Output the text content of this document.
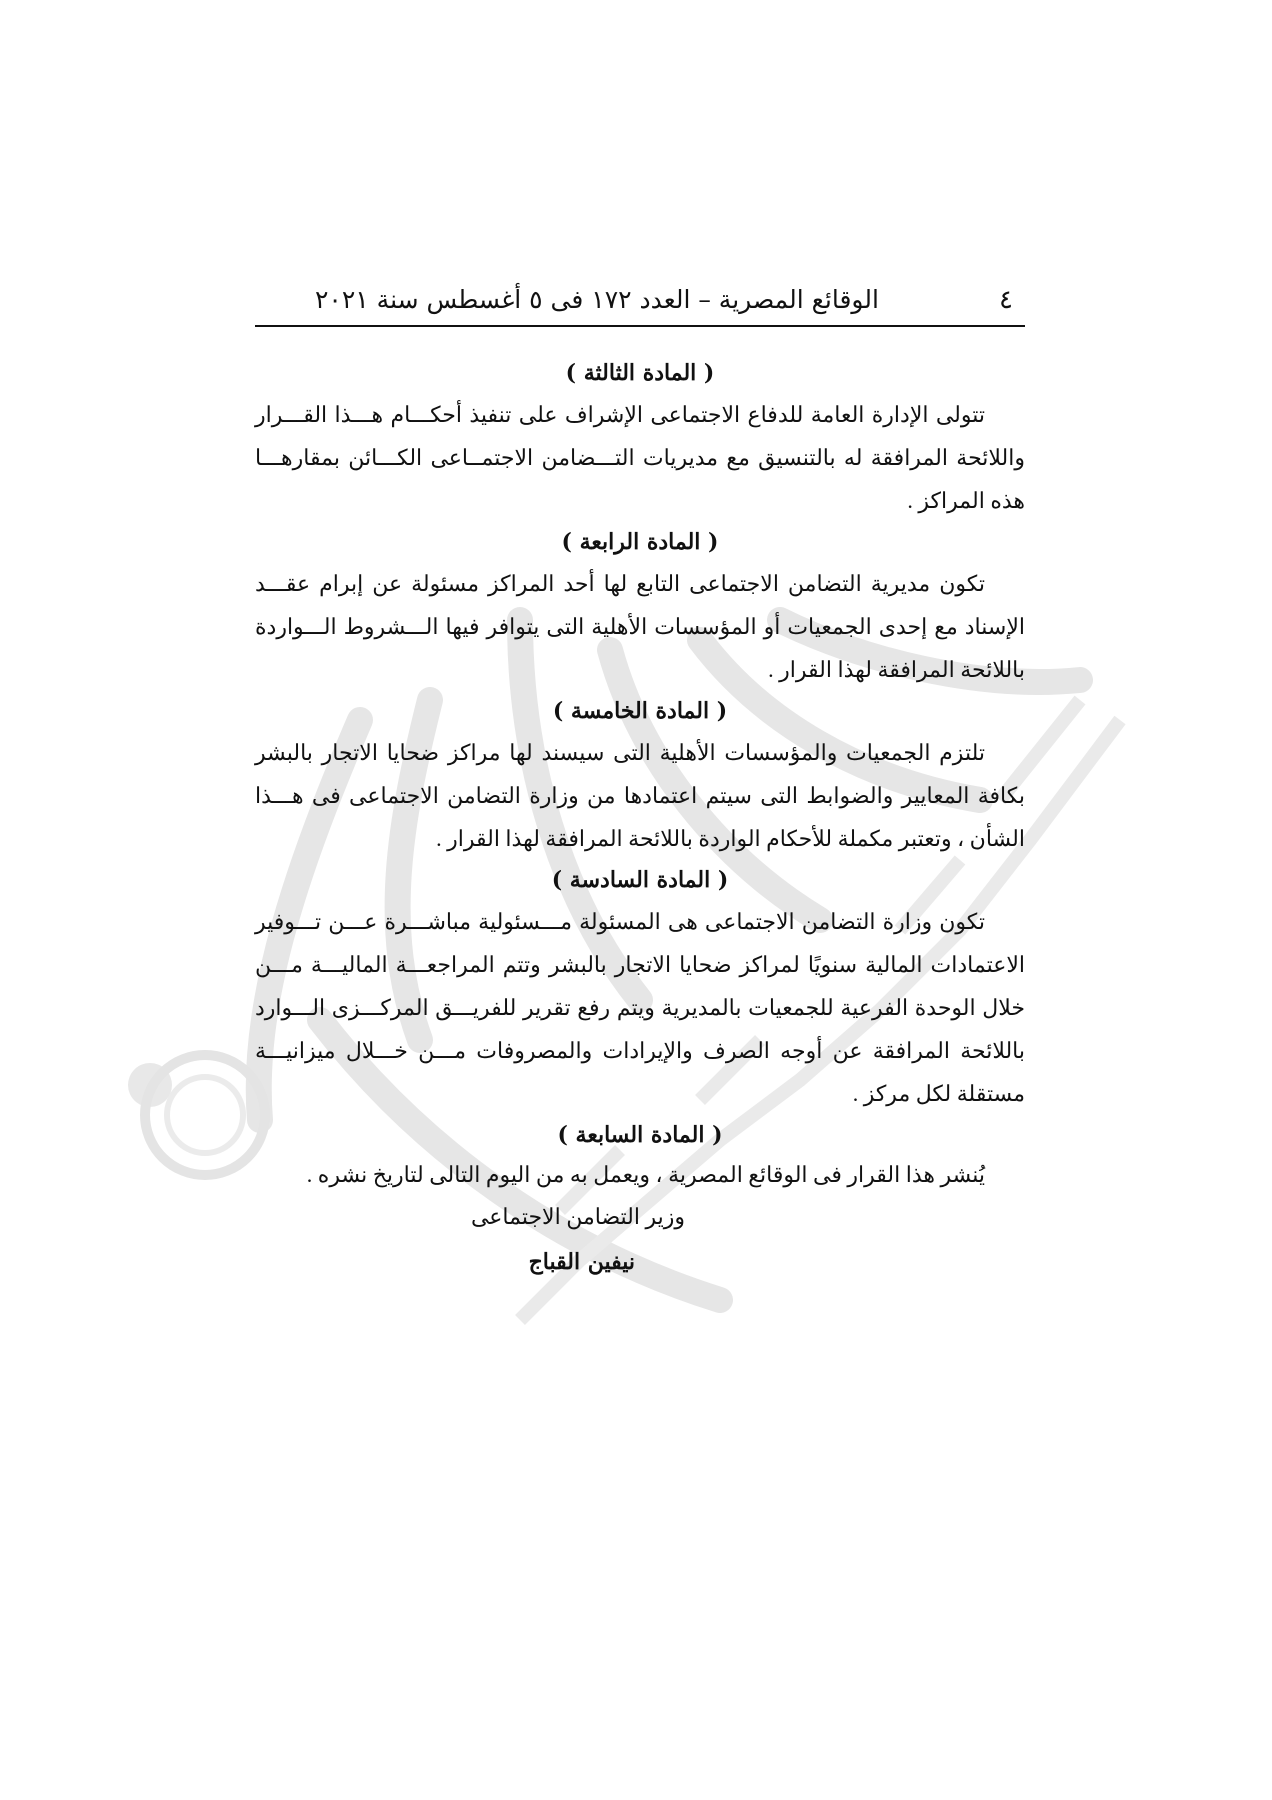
٤
الوقائع المصرية – العدد ١٧٢ فى ٥ أغسطس سنة ٢٠٢١

( المادة الثالثة )

تتولى الإدارة العامة للدفاع الاجتماعى الإشراف على تنفيذ أحكـــام هـــذا القـــرار واللائحة المرافقة له بالتنسيق مع مديريات التـــضامن الاجتمــاعى الكـــائن بمقارهـــا هذه المراكز .

( المادة الرابعة )

تكون مديرية التضامن الاجتماعى التابع لها أحد المراكز مسئولة عن إبرام عقـــد الإسناد مع إحدى الجمعيات أو المؤسسات الأهلية التى يتوافر فيها الـــشروط الـــواردة باللائحة المرافقة لهذا القرار .

( المادة الخامسة )

تلتزم الجمعيات والمؤسسات الأهلية التى سيسند لها مراكز ضحايا الاتجار بالبشر بكافة المعايير والضوابط التى سيتم اعتمادها من وزارة التضامن الاجتماعى فى هـــذا الشأن ، وتعتبر مكملة للأحكام الواردة باللائحة المرافقة لهذا القرار .

( المادة السادسة )

تكون وزارة التضامن الاجتماعى هى المسئولة مـــسئولية مباشـــرة عـــن تـــوفير الاعتمادات المالية سنويًا لمراكز ضحايا الاتجار بالبشر وتتم المراجعـــة الماليـــة مـــن خلال الوحدة الفرعية للجمعيات بالمديرية ويتم رفع تقرير للفريـــق المركـــزى الـــوارد باللائحة المرافقة عن أوجه الصرف والإيرادات والمصروفات مـــن خـــلال ميزانيـــة مستقلة لكل مركز .

( المادة السابعة )

يُنشر هذا القرار فى الوقائع المصرية ، ويعمل به من اليوم التالى لتاريخ نشره .

وزير التضامن الاجتماعى

نيفين القباج
